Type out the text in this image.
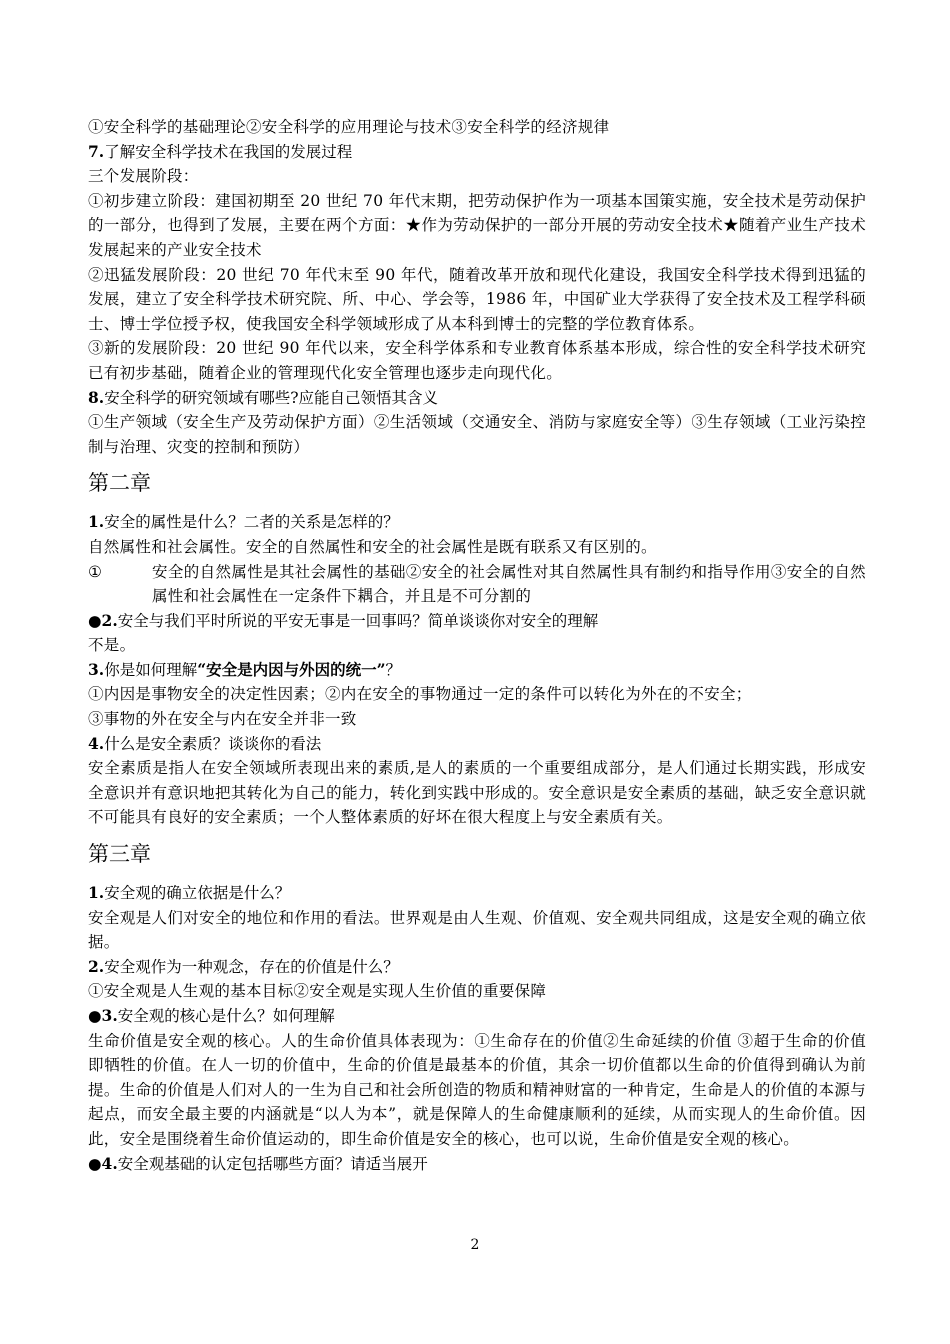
①安全科学的基础理论②安全科学的应用理论与技术③安全科学的经济规律

7.了解安全科学技术在我国的发展过程

三个发展阶段：

①初步建立阶段：建国初期至 20 世纪 70 年代末期，把劳动保护作为一项基本国策实施，安全技术是劳动保护的一部分，也得到了发展，主要在两个方面：★作为劳动保护的一部分开展的劳动安全技术★随着产业生产技术发展起来的产业安全技术

②迅猛发展阶段：20 世纪 70 年代末至 90 年代，随着改革开放和现代化建设，我国安全科学技术得到迅猛的发展，建立了安全科学技术研究院、所、中心、学会等，1986 年，中国矿业大学获得了安全技术及工程学科硕士、博士学位授予权，使我国安全科学领域形成了从本科到博士的完整的学位教育体系。

③新的发展阶段：20 世纪 90 年代以来，安全科学体系和专业教育体系基本形成，综合性的安全科学技术研究已有初步基础，随着企业的管理现代化安全管理也逐步走向现代化。

8.安全科学的研究领域有哪些?应能自己领悟其含义

①生产领域（安全生产及劳动保护方面）②生活领域（交通安全、消防与家庭安全等）③生存领域（工业污染控制与治理、灾变的控制和预防）

第二章

1.安全的属性是什么？二者的关系是怎样的？

自然属性和社会属性。安全的自然属性和安全的社会属性是既有联系又有区别的。

①	安全的自然属性是其社会属性的基础②安全的社会属性对其自然属性具有制约和指导作用③安全的自然属性和社会属性在一定条件下耦合，并且是不可分割的

●2.安全与我们平时所说的平安无事是一回事吗？简单谈谈你对安全的理解

不是。

3.你是如何理解“安全是内因与外因的统一”？

①内因是事物安全的决定性因素；②内在安全的事物通过一定的条件可以转化为外在的不安全；

③事物的外在安全与内在安全并非一致

4.什么是安全素质？谈谈你的看法

安全素质是指人在安全领域所表现出来的素质,是人的素质的一个重要组成部分，是人们通过长期实践，形成安全意识并有意识地把其转化为自己的能力，转化到实践中形成的。安全意识是安全素质的基础，缺乏安全意识就不可能具有良好的安全素质；一个人整体素质的好坏在很大程度上与安全素质有关。

第三章

1.安全观的确立依据是什么？

安全观是人们对安全的地位和作用的看法。世界观是由人生观、价值观、安全观共同组成，这是安全观的确立依据。

2.安全观作为一种观念，存在的价值是什么？

①安全观是人生观的基本目标②安全观是实现人生价值的重要保障

●3.安全观的核心是什么？如何理解

生命价值是安全观的核心。人的生命价值具体表现为：①生命存在的价值②生命延续的价值 ③超于生命的价值即牺牲的价值。在人一切的价值中，生命的价值是最基本的价值，其余一切价值都以生命的价值得到确认为前提。生命的价值是人们对人的一生为自己和社会所创造的物质和精神财富的一种肯定，生命是人的价值的本源与起点，而安全最主要的内涵就是“以人为本”，就是保障人的生命健康顺利的延续，从而实现人的生命价值。因此，安全是围绕着生命价值运动的，即生命价值是安全的核心，也可以说，生命价值是安全观的核心。

●4.安全观基础的认定包括哪些方面？请适当展开

2
